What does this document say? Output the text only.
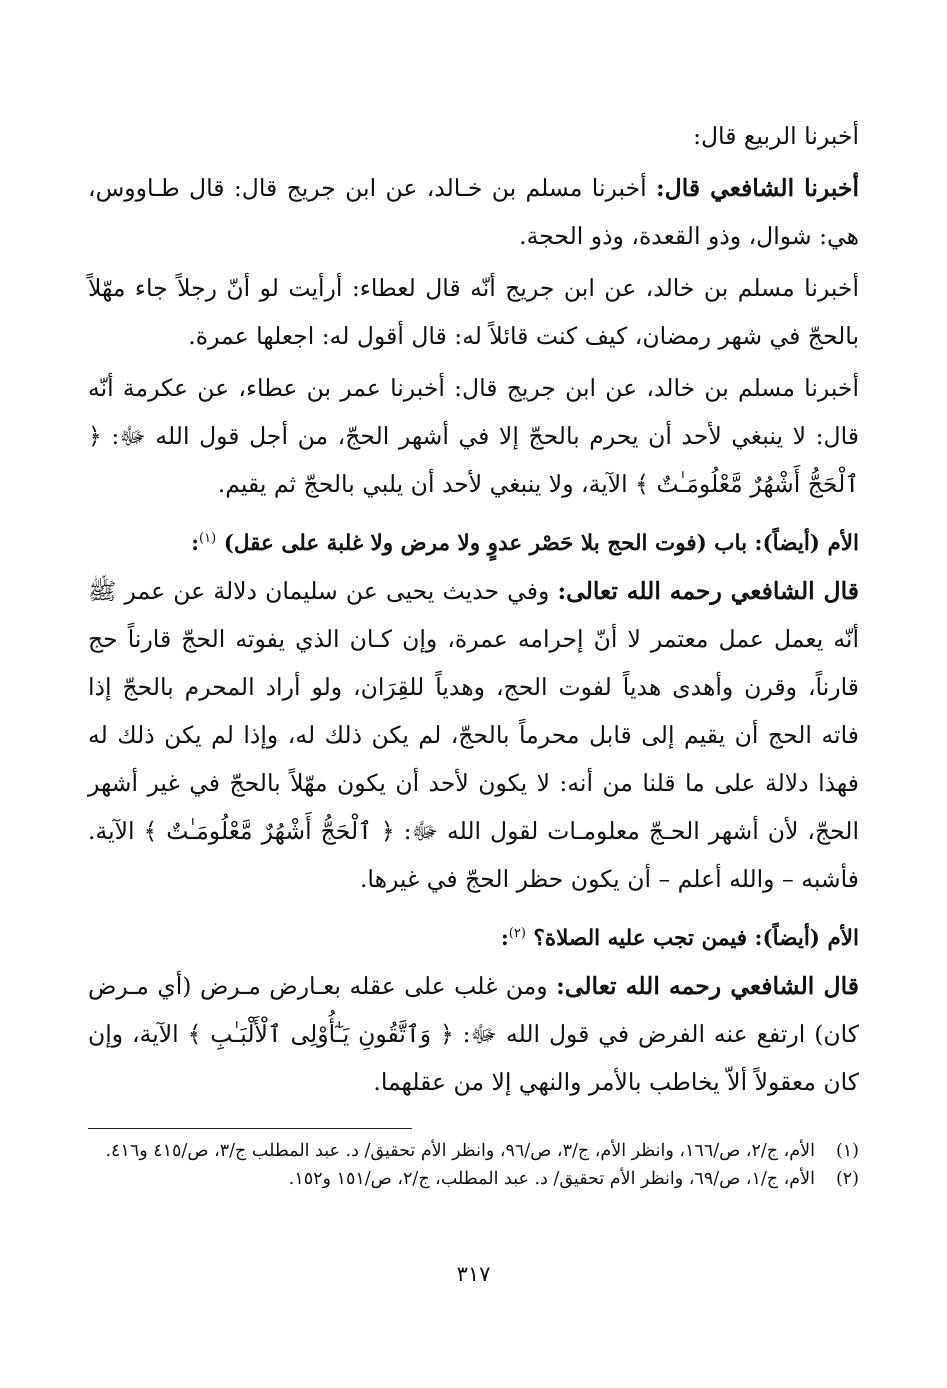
أخبرنا الربيع قال:

أخبرنا الشافعي قال: أخبرنا مسلم بن خـالد، عن ابن جريج قال: قال طـاووس، هي: شوال، وذو القعدة، وذو الحجة.

أخبرنا مسلم بن خالد، عن ابن جريج أنّه قال لعطاء: أرأيت لو أنّ رجلاً جاء مهّلاً بالحجّ في شهر رمضان، كيف كنت قائلاً له: قال أقول له: اجعلها عمرة.

أخبرنا مسلم بن خالد، عن ابن جريج قال: أخبرنا عمر بن عطاء، عن عكرمة أنّه قال: لا ينبغي لأحد أن يحرم بالحجّ إلا في أشهر الحجّ، من أجل قول الله ﷻ: ﴿ ٱلْحَجُّ أَشْهُرٌ مَّعْلُومَـٰتٌ ﴾ الآية، ولا ينبغي لأحد أن يلبي بالحجّ ثم يقيم.

الأم (أيضاً): باب (فوت الحج بلا حَصْر عدوٍ ولا مرض ولا غلبة على عقل) $^{(١)}$:

قال الشافعي رحمه الله تعالى: وفي حديث يحيى عن سليمان دلالة عن عمر ﷺ أنّه يعمل عمل معتمر لا أنّ إحرامه عمرة، وإن كـان الذي يفوته الحجّ قارناً حج قارناً، وقرن وأهدى هدياً لفوت الحج، وهدياً للقِرَان، ولو أراد المحرم بالحجّ إذا فاته الحج أن يقيم إلى قابل محرماً بالحجّ، لم يكن ذلك له، وإذا لم يكن ذلك له فهذا دلالة على ما قلنا من أنه: لا يكون لأحد أن يكون مهّلاً بالحجّ في غير أشهر الحجّ، لأن أشهر الحـجّ معلومـات لقول الله ﷻ: ﴿ ٱلْحَجُّ أَشْهُرٌ مَّعْلُومَـٰتٌ ﴾ الآية. فأشبه – والله أعلم – أن يكون حظر الحجّ في غيرها.

الأم (أيضاً): فيمن تجب عليه الصلاة؟ $^{(٢)}$:

قال الشافعي رحمه الله تعالى: ومن غلب على عقله بعـارض مـرض (أي مـرض كان) ارتفع عنه الفرض في قول الله ﷻ: ﴿ وَٱتَّقُونِ يَـٰٓأُوْلِى ٱلْأَلْبَـٰبِ ﴾ الآية، وإن كان معقولاً ألاّ يخاطب بالأمر والنهي إلا من عقلهما.

(١)الأم، ج/٢، ص/١٦٦، وانظر الأم، ج/٣، ص/٩٦، وانظر الأم تحقيق/ د. عبد المطلب ج/٣، ص/٤١٥ و٤١٦.

(٢)الأم، ج/١، ص/٦٩، وانظر الأم تحقيق/ د. عبد المطلب، ج/٢، ص/١٥١ و١٥٢.

٣١٧
